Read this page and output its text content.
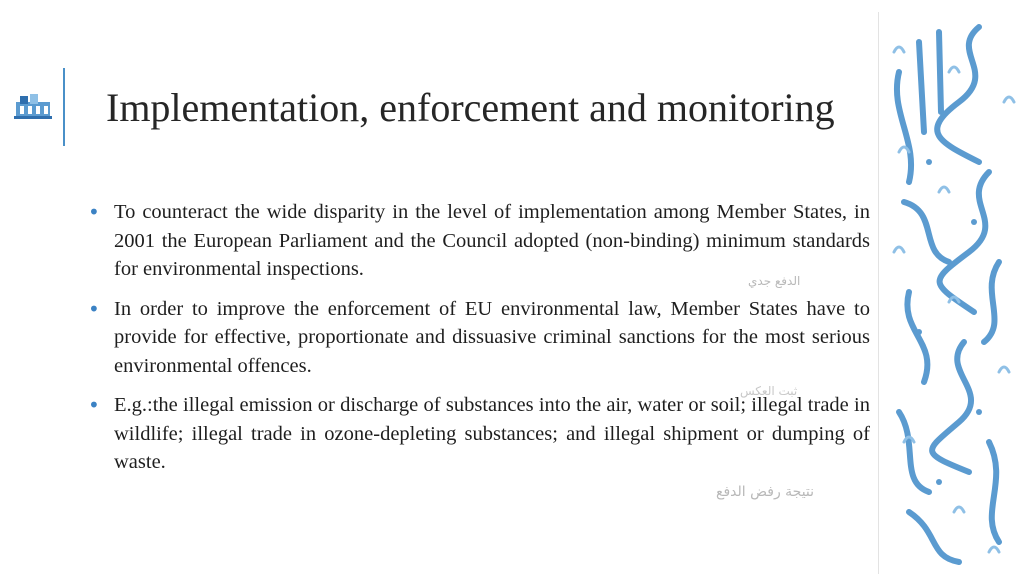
Implementation, enforcement and monitoring
• To counteract the wide disparity in the level of implementation among Member States, in 2001 the European Parliament and the Council adopted (non-binding) minimum standards for environmental inspections.
• In order to improve the enforcement of EU environmental law, Member States have to provide for effective, proportionate and dissuasive criminal sanctions for the most serious environmental offences.
• E.g.:the illegal emission or discharge of substances into the air, water or soil; illegal trade in wildlife; illegal trade in ozone-depleting substances; and illegal shipment or dumping of waste.
الدفع جدي
ثبت العكس
نتيجة رفض الدفع
